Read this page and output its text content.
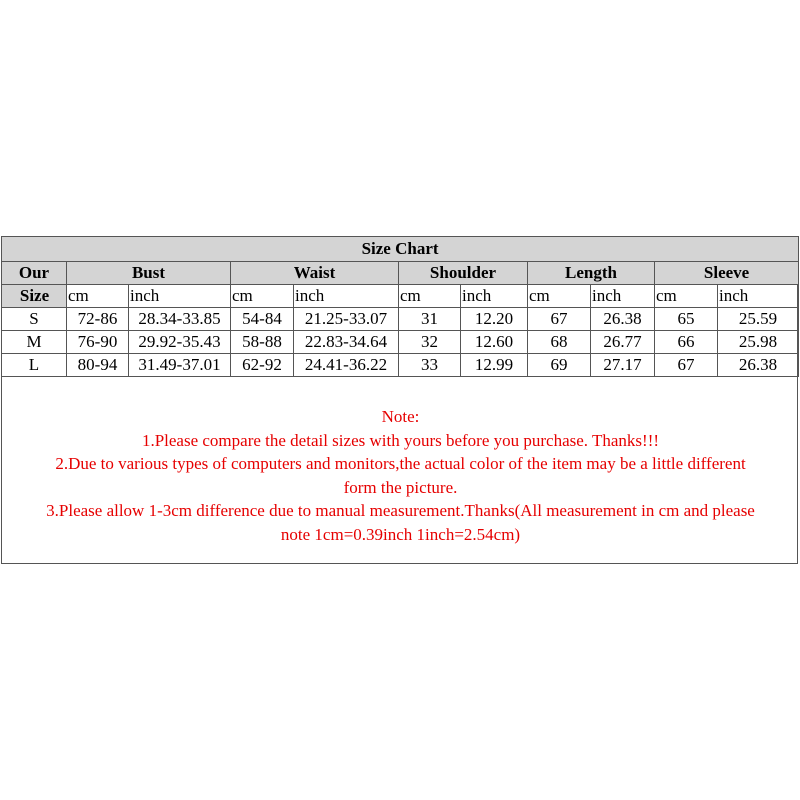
Size Chart										
Our	Bust		Waist		Shoulder		Length		Sleeve	
Size	cm	inch	cm	inch	cm	inch	cm	inch	cm	inch
S	72-86	28.34-33.85	54-84	21.25-33.07	31	12.20	67	26.38	65	25.59
M	76-90	29.92-35.43	58-88	22.83-34.64	32	12.60	68	26.77	66	25.98
L	80-94	31.49-37.01	62-92	24.41-36.22	33	12.99	69	27.17	67	26.38
Note:
1.Please compare the detail sizes with yours before you purchase. Thanks!!!
2.Due to various types of computers and monitors,the actual color of the item may be a little different
form the picture.
3.Please allow 1-3cm difference due to manual measurement.Thanks(All measurement in cm and please
note 1cm=0.39inch 1inch=2.54cm)
